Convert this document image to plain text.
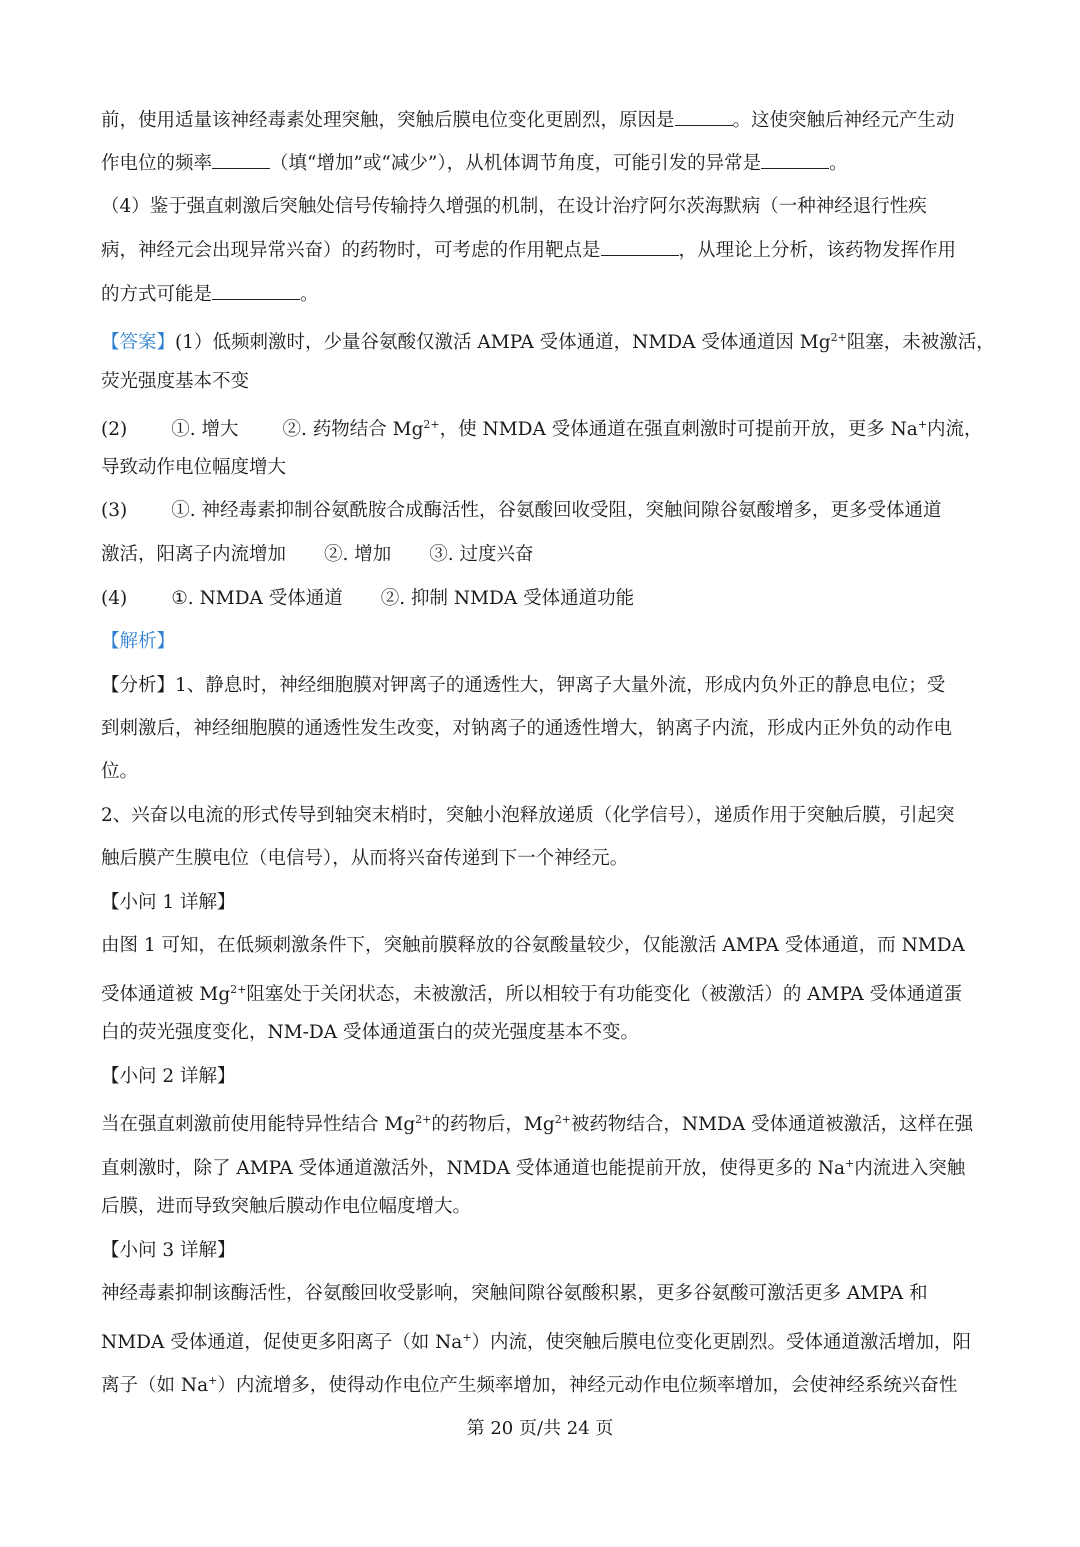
前，使用适量该神经毒素处理突触，突触后膜电位变化更剧烈，原因是	。这使突触后神经元产生动
作电位的频率	（填“增加”或“减少”），从机体调节角度，可能引发的异常是	。
（4）鉴于强直刺激后突触处信号传输持久增强的机制，在设计治疗阿尔茨海默病（一种神经退行性疾
病，神经元会出现异常兴奋）的药物时，可考虑的作用靶点是	，从理论上分析，该药物发挥作用
的方式可能是	。
【答案】(1）低频刺激时，少量谷氨酸仅激活 AMPA 受体通道，NMDA 受体通道因 $Mg^{2+}$阻塞，未被激活，
荧光强度基本不变
(2) ①. 增大 ②. 药物结合 $Mg^{2+}$，使 NMDA 受体通道在强直刺激时可提前开放，更多 Na+内流，
导致动作电位幅度增大
(3) ①. 神经毒素抑制谷氨酰胺合成酶活性，谷氨酸回收受阻，突触间隙谷氨酸增多，更多受体通道
激活，阳离子内流增加 ②. 增加 ③. 过度兴奋
(4) ①. NMDA 受体通道 ②. 抑制 NMDA 受体通道功能
【解析】
【分析】1、静息时，神经细胞膜对钾离子的通透性大，钾离子大量外流，形成内负外正的静息电位；受
到刺激后，神经细胞膜的通透性发生改变，对钠离子的通透性增大，钠离子内流，形成内正外负的动作电
位。
2、兴奋以电流的形式传导到轴突末梢时，突触小泡释放递质（化学信号），递质作用于突触后膜，引起突
触后膜产生膜电位（电信号），从而将兴奋传递到下一个神经元。
【小问 1 详解】
由图 1 可知，在低频刺激条件下，突触前膜释放的谷氨酸量较少，仅能激活 AMPA 受体通道，而 NMDA
受体通道被 $Mg^{2+}$阻塞处于关闭状态，未被激活，所以相较于有功能变化（被激活）的 AMPA 受体通道蛋
白的荧光强度变化，NM-DA 受体通道蛋白的荧光强度基本不变。
【小问 2 详解】
当在强直刺激前使用能特异性结合 $Mg^{2+}$的药物后，$Mg^{2+}$被药物结合，NMDA 受体通道被激活，这样在强
直刺激时，除了 AMPA 受体通道激活外，NMDA 受体通道也能提前开放，使得更多的 Na+内流进入突触
后膜，进而导致突触后膜动作电位幅度增大。
【小问 3 详解】
神经毒素抑制该酶活性，谷氨酸回收受影响，突触间隙谷氨酸积累，更多谷氨酸可激活更多 AMPA 和
NMDA 受体通道，促使更多阳离子（如 Na+）内流，使突触后膜电位变化更剧烈。受体通道激活增加，阳
离子（如 Na+）内流增多，使得动作电位产生频率增加，神经元动作电位频率增加，会使神经系统兴奋性
第 20 页/共 24 页
